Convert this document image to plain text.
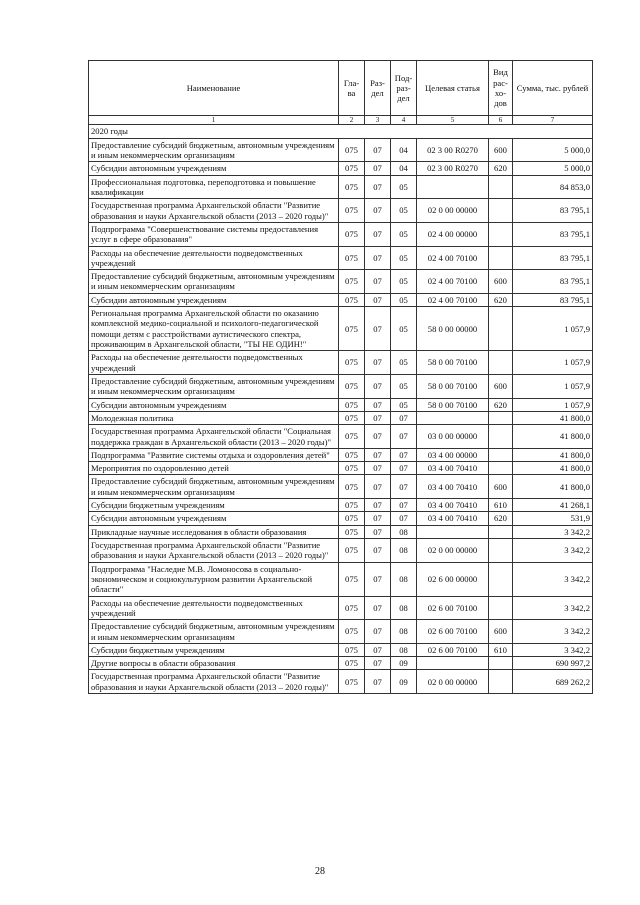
Наименование	Гла-ва	Раз-дел	Под-раз-дел	Целевая статья	Вид рас-хо-дов	Сумма, тыс. рублей
1	2	3	4	5	6	7
2020 годы						
Предоставление субсидий бюджетным, автономным учреждениям и иным некоммерческим организациям	075	07	04	02 3 00 R0270	600	5 000,0
Субсидии автономным учреждениям	075	07	04	02 3 00 R0270	620	5 000,0
Профессиональная подготовка, переподготовка и повышение квалификации	075	07	05			84 853,0
Государственная программа Архангельской области "Развитие образования и науки Архангельской области (2013 – 2020 годы)"	075	07	05	02 0 00 00000		83 795,1
Подпрограмма "Совершенствование системы предоставления услуг в сфере образования"	075	07	05	02 4 00 00000		83 795,1
Расходы на обеспечение деятельности подведомственных учреждений	075	07	05	02 4 00 70100		83 795,1
Предоставление субсидий бюджетным, автономным учреждениям и иным некоммерческим организациям	075	07	05	02 4 00 70100	600	83 795,1
Субсидии автономным учреждениям	075	07	05	02 4 00 70100	620	83 795,1
Региональная программа Архангельской области по оказанию комплексной медико-социальной и психолого-педагогической помощи детям с расстройствами аутистического спектра, проживающим в Архангельской области, "ТЫ НЕ ОДИН!"	075	07	05	58 0 00 00000		1 057,9
Расходы на обеспечение деятельности подведомственных учреждений	075	07	05	58 0 00 70100		1 057,9
Предоставление субсидий бюджетным, автономным учреждениям и иным некоммерческим организациям	075	07	05	58 0 00 70100	600	1 057,9
Субсидии автономным учреждениям	075	07	05	58 0 00 70100	620	1 057,9
Молодежная политика	075	07	07			41 800,0
Государственная программа Архангельской области "Социальная поддержка граждан в Архангельской области (2013 – 2020 годы)"	075	07	07	03 0 00 00000		41 800,0
Подпрограмма "Развитие системы отдыха и оздоровления детей"	075	07	07	03 4 00 00000		41 800,0
Мероприятия по оздоровлению детей	075	07	07	03 4 00 70410		41 800,0
Предоставление субсидий бюджетным, автономным учреждениям и иным некоммерческим организациям	075	07	07	03 4 00 70410	600	41 800,0
Субсидии бюджетным учреждениям	075	07	07	03 4 00 70410	610	41 268,1
Субсидии автономным учреждениям	075	07	07	03 4 00 70410	620	531,9
Прикладные научные исследования в области образования	075	07	08			3 342,2
Государственная программа Архангельской области "Развитие образования и науки Архангельской области (2013 – 2020 годы)"	075	07	08	02 0 00 00000		3 342,2
Подпрограмма "Наследие М.В. Ломоносова в социально-экономическом и социокультурном развитии Архангельской области"	075	07	08	02 6 00 00000		3 342,2
Расходы на обеспечение деятельности подведомственных учреждений	075	07	08	02 6 00 70100		3 342,2
Предоставление субсидий бюджетным, автономным учреждениям и иным некоммерческим организациям	075	07	08	02 6 00 70100	600	3 342,2
Субсидии бюджетным учреждениям	075	07	08	02 6 00 70100	610	3 342,2
Другие вопросы в области образования	075	07	09			690 997,2
Государственная программа Архангельской области "Развитие образования и науки Архангельской области (2013 – 2020 годы)"	075	07	09	02 0 00 00000		689 262,2
28
